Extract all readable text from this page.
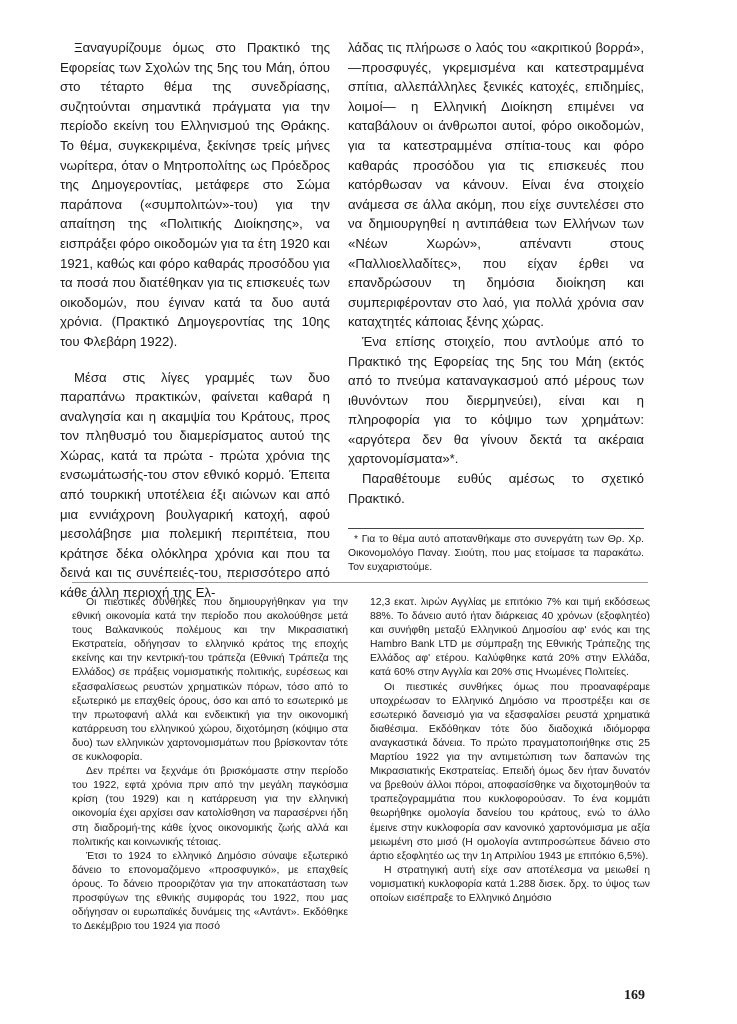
Ξαναγυρίζουμε όμως στο Πρακτικό της Εφορείας των Σχολών της 5ης του Μάη, όπου στο τέταρτο θέμα της συνεδρίασης, συζητούνται σημαντικά πράγματα για την περίοδο εκείνη του Ελληνισμού της Θράκης. Το θέμα, συγκεκριμένα, ξεκίνησε τρείς μήνες νωρίτερα, όταν ο Μητροπολίτης ως Πρόεδρος της Δημογεροντίας, μετάφερε στο Σώμα παράπονα («συμπολιτών»-του) για την απαίτηση της «Πολιτικής Διοίκησης», να εισπράξει φόρο οικοδομών για τα έτη 1920 και 1921, καθώς και φόρο καθαράς προσόδου για τα ποσά που διατέθηκαν για τις επισκευές των οικοδομών, που έγιναν κατά τα δυο αυτά χρόνια. (Πρακτικό Δημογεροντίας της 10ης του Φλεβάρη 1922).

Μέσα στις λίγες γραμμές των δυο παραπάνω πρακτικών, φαίνεται καθαρά η αναλγησία και η ακαμψία του Κράτους, προς τον πληθυσμό του διαμερίσματος αυτού της Χώρας, κατά τα πρώτα - πρώτα χρόνια της ενσωμάτωσής-του στον εθνικό κορμό. Έπειτα από τουρκική υποτέλεια έξι αιώνων και από μια εννιάχρονη βουλγαρική κατοχή, αφού μεσολάβησε μια πολεμική περιπέτεια, που κράτησε δέκα ολόκληρα χρόνια και που τα δεινά και τις συνέπειές-του, περισσότερο από κάθε άλλη περιοχή της Ελ-

λάδας τις πλήρωσε ο λαός του «ακριτικού βορρά», —προσφυγές, γκρεμισμένα και κατεστραμμένα σπίτια, αλλεπάλληλες ξενικές κατοχές, επιδημίες, λοιμοί— η Ελληνική Διοίκηση επιμένει να καταβάλουν οι άνθρωποι αυτοί, φόρο οικοδομών, για τα κατεστραμμένα σπίτια-τους και φόρο καθαράς προσόδου για τις επισκευές που κατόρθωσαν να κάνουν. Είναι ένα στοιχείο ανάμεσα σε άλλα ακόμη, που είχε συντελέσει στο να δημιουργηθεί η αντιπάθεια των Ελλήνων των «Νέων Χωρών», απέναντι στους «Παλλιοελλαδίτες», που είχαν έρθει να επανδρώσουν τη δημόσια διοίκηση και συμπεριφέρονταν στο λαό, για πολλά χρόνια σαν καταχτητές κάποιας ξένης χώρας.

Ένα επίσης στοιχείο, που αντλούμε από το Πρακτικό της Εφορείας της 5ης του Μάη (εκτός από το πνεύμα καταναγκασμού από μέρους των ιθυνόντων που διερμηνεύει), είναι και η πληροφορία για το κόψιμο των χρημάτων: «αργότερα δεν θα γίνουν δεκτά τα ακέραια χαρτονομίσματα»*.

Παραθέτουμε ευθύς αμέσως το σχετικό Πρακτικό.

* Για το θέμα αυτό αποτανθήκαμε στο συνεργάτη των Θρ. Χρ. Οικονομολόγο Παναγ. Σιούτη, που μας ετοίμασε τα παρακάτω. Τον ευχαριστούμε.

Οι πιεστικές συνθήκες που δημιουργήθηκαν για την εθνική οικονομία κατά την περίοδο που ακολούθησε μετά τους Βαλκανικούς πολέμους και την Μικρασιατική Εκστρατεία, οδήγησαν το ελληνικό κράτος της εποχής εκείνης και την κεντρική-του τράπεζα (Εθνική Τράπεζα της Ελλάδος) σε πράξεις νομισματικής πολιτικής, ευρέσεως και εξασφαλίσεως ρευστών χρηματικών πόρων, τόσο από το εξωτερικό με επαχθείς όρους, όσο και από το εσωτερικό με την πρωτοφανή αλλά και ενδεικτική για την οικονομική κατάρρευση του ελληνικού χώρου, διχοτόμηση (κόψιμο στα δυο) των ελληνικών χαρτονομισμάτων που βρίσκονταν τότε σε κυκλοφορία.

Δεν πρέπει να ξεχνάμε ότι βρισκόμαστε στην περίοδο του 1922, εφτά χρόνια πριν από την μεγάλη παγκόσμια κρίση (του 1929) και η κατάρρευση για την ελληνική οικονομία έχει αρχίσει σαν κατολίσθηση να παρασέρνει ήδη στη διαδρομή-της κάθε ίχνος οικονομικής ζωής αλλά και πολιτικής και κοινωνικής τέτοιας.

Έτσι το 1924 το ελληνικό Δημόσιο σύναψε εξωτερικό δάνειο το επονομαζόμενο «προσφυγικό», με επαχθείς όρους. Το δάνειο προοριζόταν για την αποκατάσταση των προσφύγων της εθνικής συμφοράς του 1922, που μας οδήγησαν οι ευρωπαϊκές δυνάμεις της «Αντάντ». Εκδόθηκε το Δεκέμβριο του 1924 για ποσό

12,3 εκατ. λιρών Αγγλίας με επιτόκιο 7% και τιμή εκδόσεως 88%. Το δάνειο αυτό ήταν διάρκειας 40 χρόνων (εξοφλητέο) και συνήφθη μεταξύ Ελληνικού Δημοσίου αφ' ενός και της Hambro Bank LTD με σύμπραξη της Εθνικής Τράπεζης της Ελλάδος αφ' ετέρου. Καλύφθηκε κατά 20% στην Ελλάδα, κατά 60% στην Αγγλία και 20% στις Ηνωμένες Πολιτείες.

Οι πιεστικές συνθήκες όμως που προαναφέραμε υποχρέωσαν το Ελληνικό Δημόσιο να προστρέξει και σε εσωτερικό δανεισμό για να εξασφαλίσει ρευστά χρηματικά διαθέσιμα. Εκδόθηκαν τότε δύο διαδοχικά ιδιόμορφα αναγκαστικά δάνεια. Το πρώτο πραγματοποιήθηκε στις 25 Μαρτίου 1922 για την αντιμετώπιση των δαπανών της Μικρασιατικής Εκστρατείας. Επειδή όμως δεν ήταν δυνατόν να βρεθούν άλλοι πόροι, αποφασίσθηκε να διχοτομηθούν τα τραπεζογραμμάτια που κυκλοφορούσαν. Το ένα κομμάτι θεωρήθηκε ομολογία δανείου του κράτους, ενώ το άλλο έμεινε στην κυκλοφορία σαν κανονικό χαρτονόμισμα με αξία μειωμένη στο μισό (Η ομολογία αντιπροσώπευε δάνειο στο άρτιο εξοφλητέο ως την 1η Απριλίου 1943 με επιτόκιο 6,5%).

Η στρατηγική αυτή είχε σαν αποτέλεσμα να μειωθεί η νομισματική κυκλοφορία κατά 1.288 δισεκ. δρχ. το ύψος των οποίων εισέπραξε το Ελληνικό Δημόσιο

169
